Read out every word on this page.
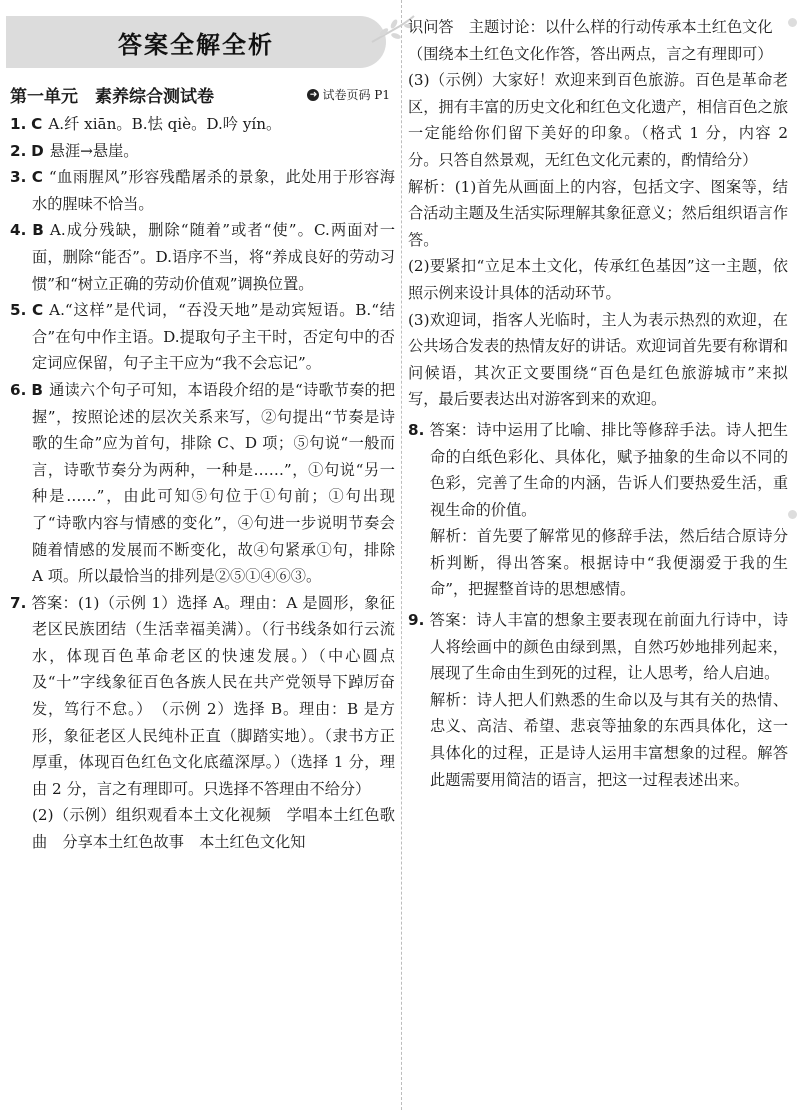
答案全解全析
第一单元　素养综合测试卷	➜ 试卷页码 P1

1. C A.纤 xiān。B.怯 qiè。D.吟 yín。

2. D 悬涯→悬崖。

3. C “血雨腥风”形容残酷屠杀的景象，此处用于形容海水的腥味不恰当。

4. B A.成分残缺，删除“随着”或者“使”。C.两面对一面，删除“能否”。D.语序不当，将“养成良好的劳动习惯”和“树立正确的劳动价值观”调换位置。

5. C A.“这样”是代词，“吞没天地”是动宾短语。B.“结合”在句中作主语。D.提取句子主干时，否定句中的否定词应保留，句子主干应为“我不会忘记”。

6. B 通读六个句子可知，本语段介绍的是“诗歌节奏的把握”，按照论述的层次关系来写，②句提出“节奏是诗歌的生命”应为首句，排除 C、D 项；⑤句说“一般而言，诗歌节奏分为两种，一种是……”，①句说“另一种是……”，由此可知⑤句位于①句前；①句出现了“诗歌内容与情感的变化”，④句进一步说明节奏会随着情感的发展而不断变化，故④句紧承①句，排除 A 项。所以最恰当的排列是②⑤①④⑥③。

7. 答案：(1)（示例 1）选择 A。理由：A 是圆形，象征老区民族团结（生活幸福美满）。（行书线条如行云流水，体现百色革命老区的快速发展。）（中心圆点及“十”字线象征百色各族人民在共产党领导下踔厉奋发，笃行不怠。）　（示例 2）选择 B。理由：B 是方形，象征老区人民纯朴正直（脚踏实地）。（隶书方正厚重，体现百色红色文化底蕴深厚。）（选择 1 分，理由 2 分，言之有理即可。只选择不答理由不给分）

(2)（示例）组织观看本土文化视频　学唱本土红色歌曲　分享本土红色故事　本土红色文化知

识问答　主题讨论：以什么样的行动传承本土红色文化

（围绕本土红色文化作答，答出两点，言之有理即可）

(3)（示例）大家好！欢迎来到百色旅游。百色是革命老区，拥有丰富的历史文化和红色文化遗产，相信百色之旅一定能给你们留下美好的印象。（格式 1 分，内容 2 分。只答自然景观，无红色文化元素的，酌情给分）

解析：(1)首先从画面上的内容，包括文字、图案等，结合活动主题及生活实际理解其象征意义；然后组织语言作答。

(2)要紧扣“立足本土文化，传承红色基因”这一主题，依照示例来设计具体的活动环节。

(3)欢迎词，指客人光临时，主人为表示热烈的欢迎，在公共场合发表的热情友好的讲话。欢迎词首先要有称谓和问候语，其次正文要围绕“百色是红色旅游城市”来拟写，最后要表达出对游客到来的欢迎。

8. 答案：诗中运用了比喻、排比等修辞手法。诗人把生命的白纸色彩化、具体化，赋予抽象的生命以不同的色彩，完善了生命的内涵，告诉人们要热爱生活，重视生命的价值。

解析：首先要了解常见的修辞手法，然后结合原诗分析判断，得出答案。根据诗中“我便溺爱于我的生命”，把握整首诗的思想感情。

9. 答案：诗人丰富的想象主要表现在前面九行诗中，诗人将绘画中的颜色由绿到黑，自然巧妙地排列起来，展现了生命由生到死的过程，让人思考，给人启迪。

解析：诗人把人们熟悉的生命以及与其有关的热情、忠义、高洁、希望、悲哀等抽象的东西具体化，这一具体化的过程，正是诗人运用丰富想象的过程。解答此题需要用简洁的语言，把这一过程表述出来。
